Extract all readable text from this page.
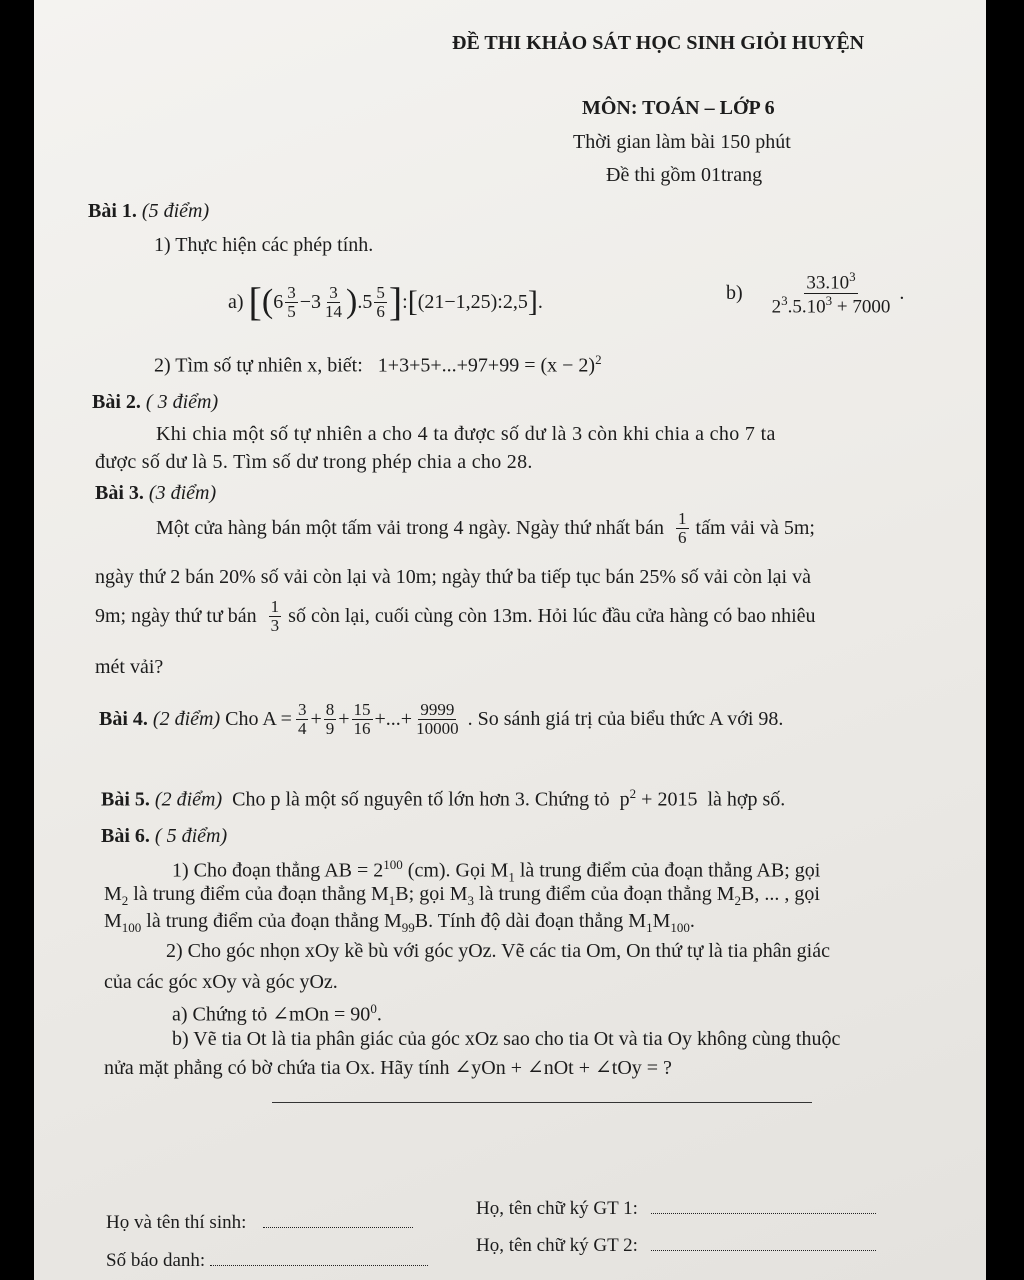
ĐỀ THI KHẢO SÁT HỌC SINH GIỎI HUYỆN
MÔN: TOÁN – LỚP 6
Thời gian làm bài 150 phút
Đề thi gồm 01trang
Bài 1. (5 điểm)
1) Thực hiện các phép tính.
a)
[ ( $6 \frac{3}{5} -3 \frac{3}{14}$ ) $.5 \frac{5}{6}$ ] : [ (21−1,25):2,5 ] .	b)
$\frac{33.10^3}{2^3.5.10^3 + 7000}$ .
2) Tìm số tự nhiên x, biết: $1+3+5+...+97+99 = (x - 2)^2$
Bài 2. ( 3 điểm)
Khi chia một số tự nhiên a cho 4 ta được số dư là 3 còn khi chia a cho 7 ta
được số dư là 5. Tìm số dư trong phép chia a cho 28.
Bài 3. (3 điểm)
Một cửa hàng bán một tấm vải trong 4 ngày. Ngày thứ nhất bán
$\frac{1}{6}$
tấm vải và 5m;
ngày thứ 2 bán 20% số vải còn lại và 10m; ngày thứ ba tiếp tục bán 25% số vải còn lại và
9m; ngày thứ tư bán
$\frac{1}{3}$
số còn lại, cuối cùng còn 13m. Hỏi lúc đầu cửa hàng có bao nhiêu
mét vải?
Bài 4.
(2 điểm)
Cho $A = \frac{3}{4} + \frac{8}{9} + \frac{15}{16}$ +...+ $\frac{9999}{10000}$
. So sánh giá trị của biểu thức A với 98.
Bài 5. (2 điểm) Cho p là một số nguyên tố lớn hơn 3. Chứng tỏ $p^2 + 2015$ là hợp số.
Bài 6. ( 5 điểm)
1) Cho đoạn thẳng AB = $2^{100}$ (cm). Gọi $M_1$ là trung điểm của đoạn thẳng AB; gọi
$M_2$ là trung điểm của đoạn thẳng $M_1B$; gọi $M_3$ là trung điểm của đoạn thẳng $M_2B$, ... , gọi
$M_{100}$ là trung điểm của đoạn thẳng $M_{99}B$. Tính độ dài đoạn thẳng $M_1M_{100}$.
2) Cho góc nhọn xOy kề bù với góc yOz. Vẽ các tia Om, On thứ tự là tia phân giác
của các góc xOy và góc yOz.
a) Chứng tỏ ∠mOn = $90^0$.
b) Vẽ tia Ot là tia phân giác của góc xOz sao cho tia Ot và tia Oy không cùng thuộc
nửa mặt phẳng có bờ chứa tia Ox. Hãy tính ∠yOn + ∠nOt + ∠tOy = ?
Họ và tên thí sinh:
Số báo danh:
Họ, tên chữ ký GT 1:
Họ, tên chữ ký GT 2:
